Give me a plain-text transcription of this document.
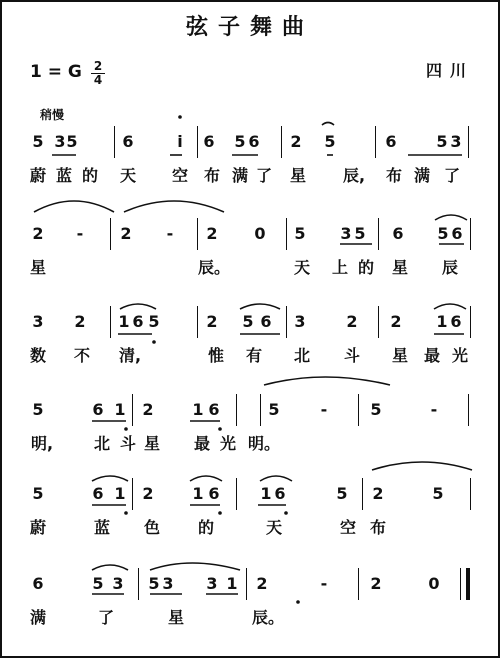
弦子舞曲
1 = G 2
4	四川
稍慢
5 3 5	6	i 6 5 6 2 5	6 5 3
蔚 蓝 的 天 空 布 满 了 星 辰, 布 满 了
2 - 2 - 2 0 5 3 5 6 5 6
星	辰。	天 上 的 星 辰
3 2 1 6 5	2 5 6 3	2 2 1 6
数 不 清,	惟 有 北 斗 星 最 光
5	6 1 2 1 6	5	-	5	-
明,	北 斗 星 最 光 明。
5	6 1 2 1 6	1 6	5 2	5
蔚	蓝 色 的	天	空 布
6	5 3 5 3 3 1 2	-	2	0
满	了	星	辰。
